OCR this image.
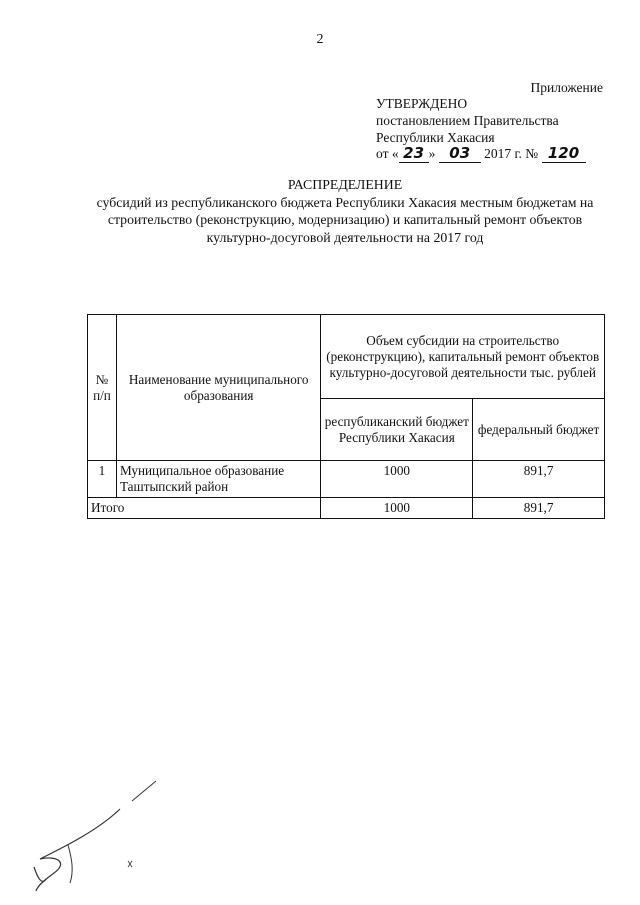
2
Приложение
УТВЕРЖДЕНО
постановлением Правительства
Республики Хакасия
от « 23 » 03 2017 г. № 120
РАСПРЕДЕЛЕНИЕ
субсидий из республиканского бюджета Республики Хакасия местным бюджетам на
строительство (реконструкцию, модернизацию) и капитальный ремонт объектов
культурно-досуговой деятельности на 2017 год
№ п/п	Наименование муниципального образования	Объем субсидии на строительство (реконструкцию), капитальный ремонт объектов культурно-досуговой деятельности тыс. рублей	
		республиканский бюджет Республики Хакасия	федеральный бюджет
1	Муниципальное образование Таштыпский район	1000	891,7
Итого		1000	891,7
